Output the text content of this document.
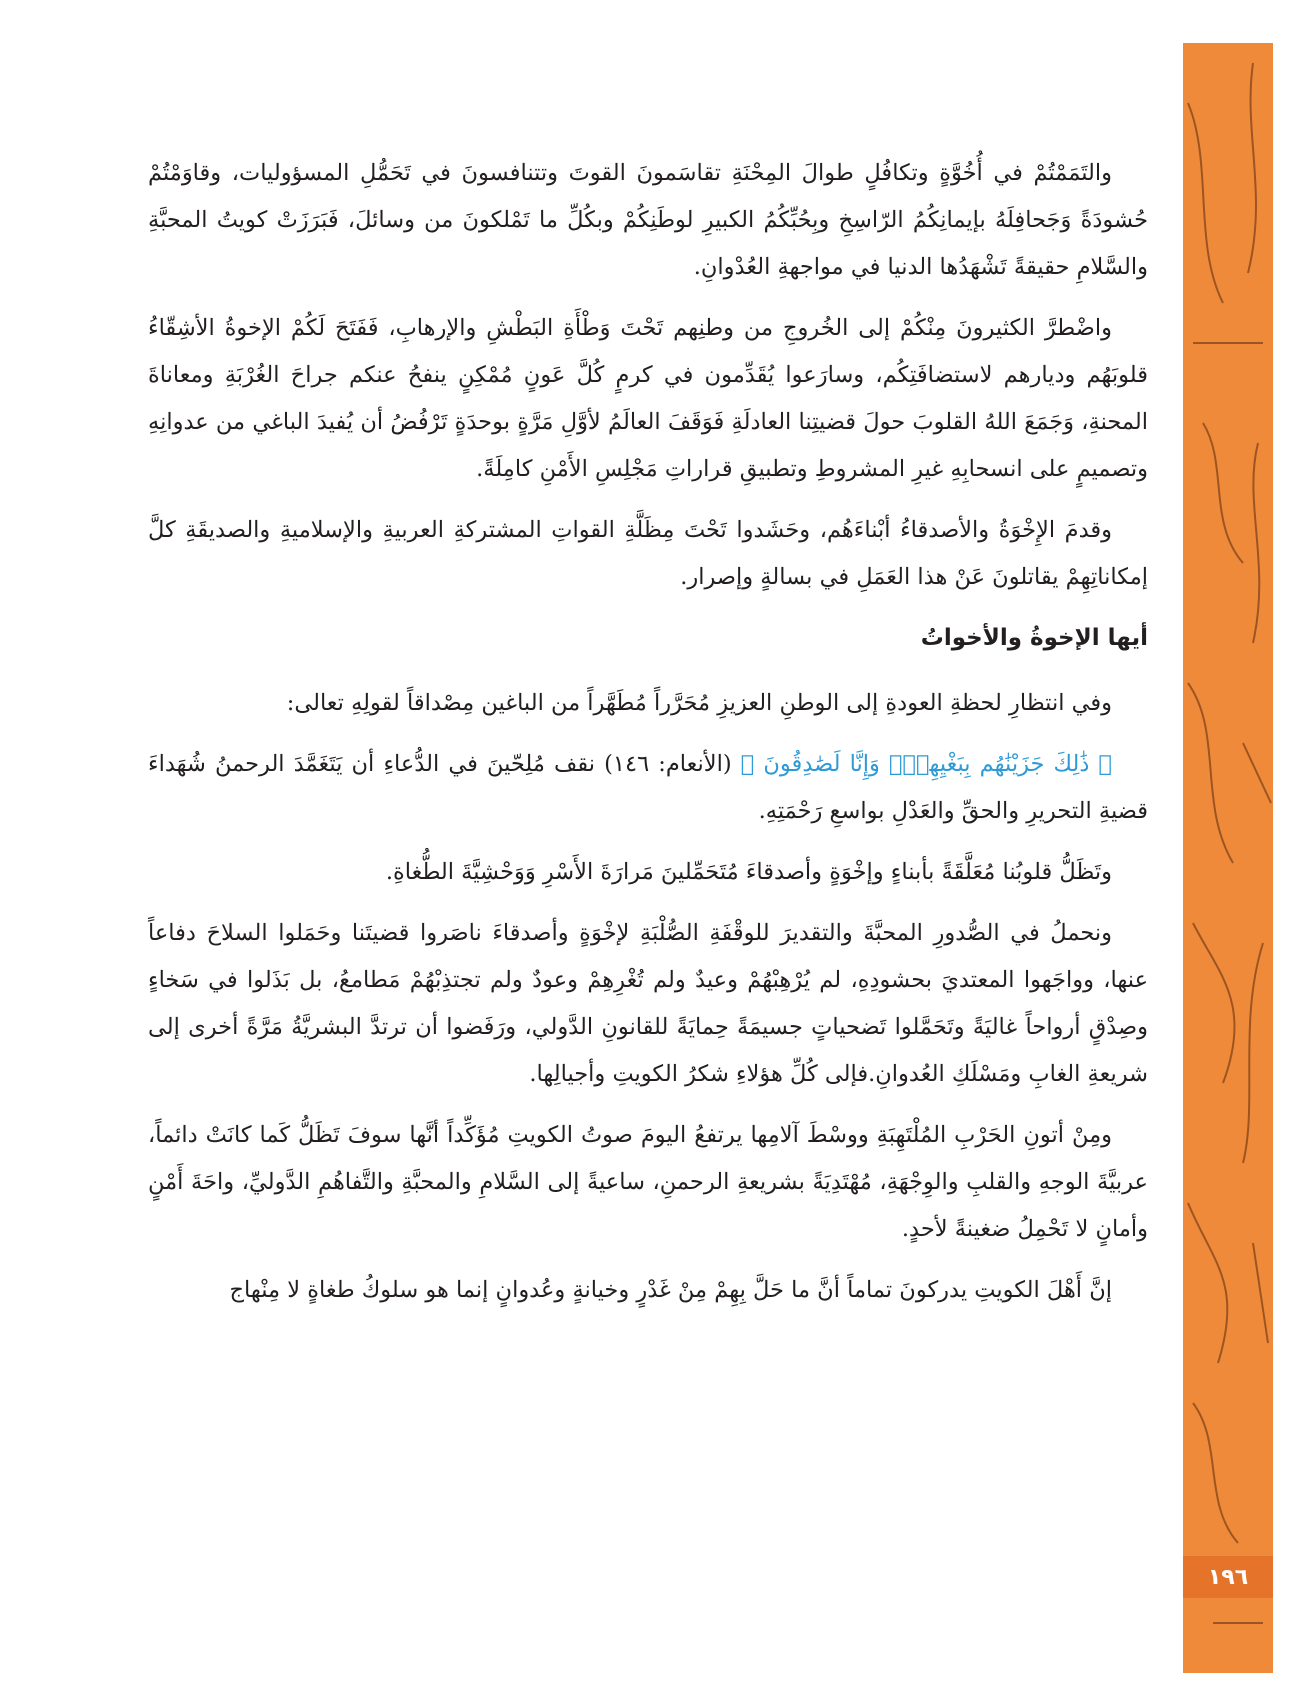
١٩٦

والتَمَمْتُمْ في أُخُوَّةٍ وتكافُلٍ طوالَ المِحْنَةِ تقاسَمونَ القوتَ وتتنافسونَ في تَحَمُّلِ المسؤوليات، وقاوَمْتُمْ حُشودَةً وَجَحافِلَهُ بإيمانِكُمُ الرّاسِخِ وبِحُبِّكُمُ الكبيرِ لوطَنِكُمْ وبكُلِّ ما تَمْلكونَ من وسائلَ، فَبَرَزَتْ كويتُ المحبَّةِ والسَّلامِ حقيقةً تَشْهَدُها الدنيا في مواجهةِ العُدْوانِ.

واضْطرَّ الكثيرونَ مِنْكُمْ إلى الخُروجِ من وطنِهم تَحْتَ وَطْأَةِ البَطْشِ والإرهابِ، فَفَتَحَ لَكُمْ الإخوةُ الأشِقّاءُ قلوبَهُم وديارهم لاستضافَتِكُم، وسارَعوا يُقَدِّمون في كرمٍ كُلَّ عَونٍ مُمْكِنٍ ينفحُ عنكم جراحَ الغُرْبَةِ ومعاناةَ المحنةِ، وَجَمَعَ اللهُ القلوبَ حولَ قضيتِنا العادلَةِ فَوَقَفَ العالَمُ لأوَّلِ مَرَّةٍ بوحدَةٍ تَرْفُضُ أن يُفيدَ الباغي من عدوانِهِ وتصميمٍ على انسحابِهِ غيرِ المشروطِ وتطبيقِ قراراتِ مَجْلِسِ الأَمْنِ كامِلَةً.

وقدمَ الإِخْوَةُ والأصدقاءُ أبْناءَهُم، وحَشَدوا تَحْتَ مِظَلَّةِ القواتِ المشتركةِ العربيةِ والإسلاميةِ والصديقَةِ كلَّ إمكاناتِهِمْ يقاتلونَ عَنْ هذا العَمَلِ في بسالةٍ وإصرار.

أيها الإخوةُ والأخواتُ

وفي انتظارِ لحظةِ العودةِ إلى الوطنِ العزيزِ مُحَرَّراً مُطَهَّراً من الباغين مِصْداقاً لقولِهِ تعالى:

﴿ ذَٰلِكَ جَزَيْنَٰهُم بِبَغْيِهِمْۖ وَإِنَّا لَصَٰدِقُونَ ﴾ (الأنعام: ١٤٦) نقف مُلِحّينَ في الدُّعاءِ أن يَتَغَمَّدَ الرحمنُ شُهَداءَ قضيةِ التحريرِ والحقِّ والعَدْلِ بواسعِ رَحْمَتِهِ.

وتَظَلُّ قلوبُنا مُعَلَّقَةً بأبناءٍ وإخْوَةٍ وأصدقاءَ مُتَحَمِّلينَ مَرارَةَ الأَسْرِ وَوَحْشِيَّةَ الطُّغاةِ.

ونحملُ في الصُّدورِ المحبَّةَ والتقديرَ للوقْفَةِ الصُّلْبَةِ لإخْوَةٍ وأصدقاءَ ناصَروا قضيتَنا وحَمَلوا السلاحَ دفاعاً عنها، وواجَهوا المعتديَ بحشودِهِ، لم يُرْهِبْهُمْ وعيدٌ ولم تُغْرِهِمْ وعودٌ ولم تجتذِبْهُمْ مَطامعُ، بل بَذَلوا في سَخاءٍ وصِدْقٍ أرواحاً غاليَةً وتَحَمَّلوا تَضحياتٍ جسيمَةً حِمايَةً للقانونِ الدَّولي، ورَفَضوا أن ترتدَّ البشريَّةُ مَرَّةً أخرى إلى شريعةِ الغابِ ومَسْلَكِ العُدوانِ.فإلى كُلِّ هؤلاءِ شكرُ الكويتِ وأجيالِها.

ومِنْ أتونِ الحَرْبِ المُلْتَهِبَةِ ووسْطَ آلامِها يرتفعُ اليومَ صوتُ الكويتِ مُؤَكِّداً أنَّها سوفَ تَظَلُّ كَما كانَتْ دائماً، عربيَّةَ الوجهِ والقلبِ والوِجْهَةِ، مُهْتَدِيَةً بشريعةِ الرحمنِ، ساعيةً إلى السَّلامِ والمحبَّةِ والتَّفاهُمِ الدَّوليِّ، واحَةَ أَمْنٍ وأمانٍ لا تَحْمِلُ ضغينةً لأحدٍ.

إنَّ أَهْلَ الكويتِ يدركونَ تماماً أنَّ ما حَلَّ بِهِمْ مِنْ غَدْرٍ وخيانةٍ وعُدوانٍ إنما هو سلوكُ طغاةٍ لا مِنْهاج
